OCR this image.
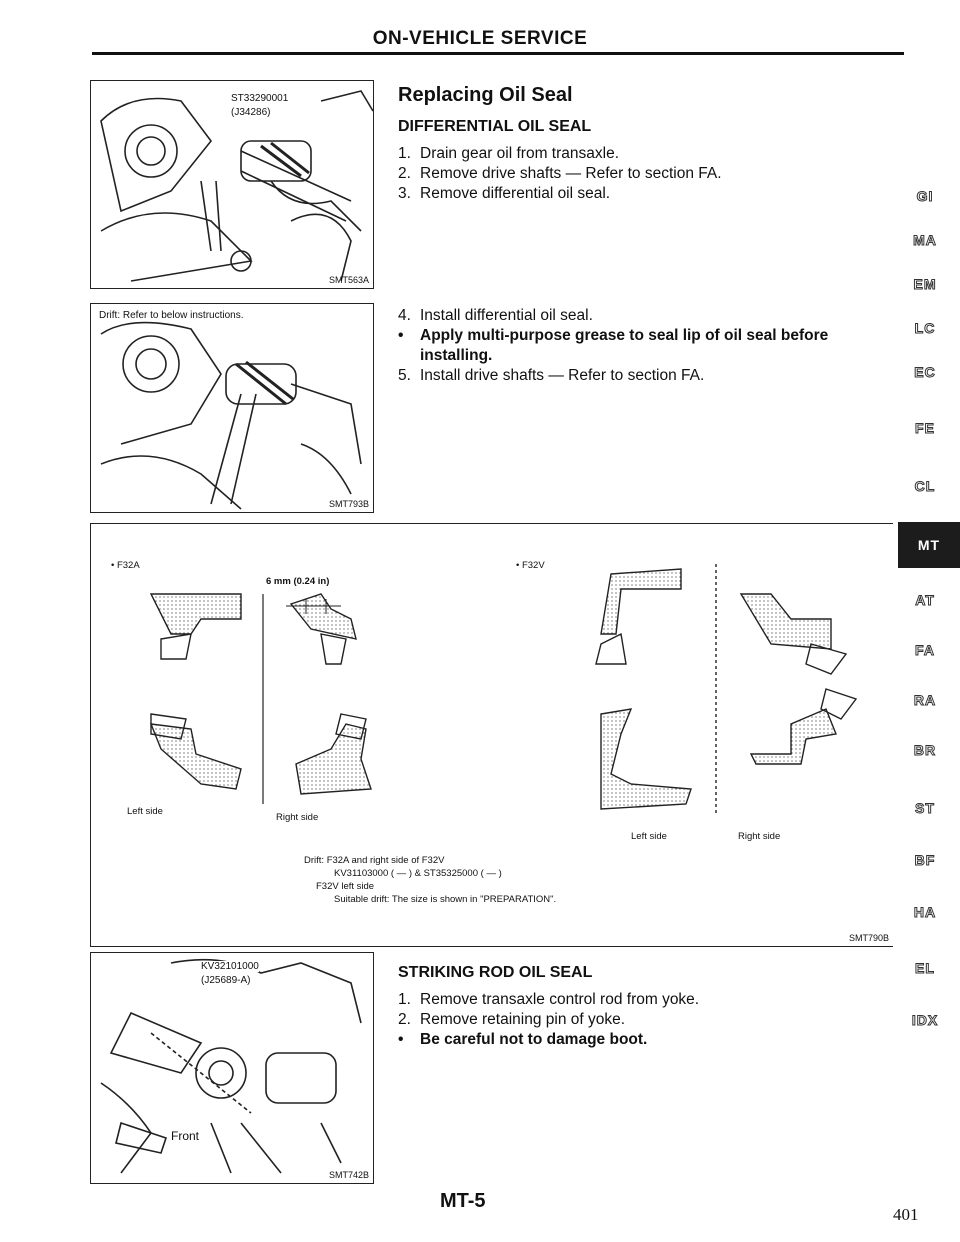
ON-VEHICLE SERVICE
ST33290001
(J34286)
SMT563A
Drift: Refer to below instructions.
SMT793B
Replacing Oil Seal
DIFFERENTIAL OIL SEAL
1. Drain gear oil from transaxle.
2. Remove drive shafts — Refer to section FA.
3. Remove differential oil seal.
4. Install differential oil seal.
•	Apply multi-purpose grease to seal lip of oil seal before installing.
5. Install drive shafts — Refer to section FA.
• F32A	• F32V
6 mm (0.24 in)
Left side
Right side
Left side	Right side
Drift: F32A and right side of F32V
KV31103000 ( — ) & ST35325000 ( — )
F32V left side
Suitable drift: The size is shown in "PREPARATION".
SMT790B
KV32101000
(J25689-A)
Front
SMT742B
STRIKING ROD OIL SEAL
1. Remove transaxle control rod from yoke.
2. Remove retaining pin of yoke.
•	Be careful not to damage boot.
GI
MA
EM
LC
EC
FE
CL
MT
AT
FA
RA
BR
ST
BF
HA
EL
IDX
MT-5
401
